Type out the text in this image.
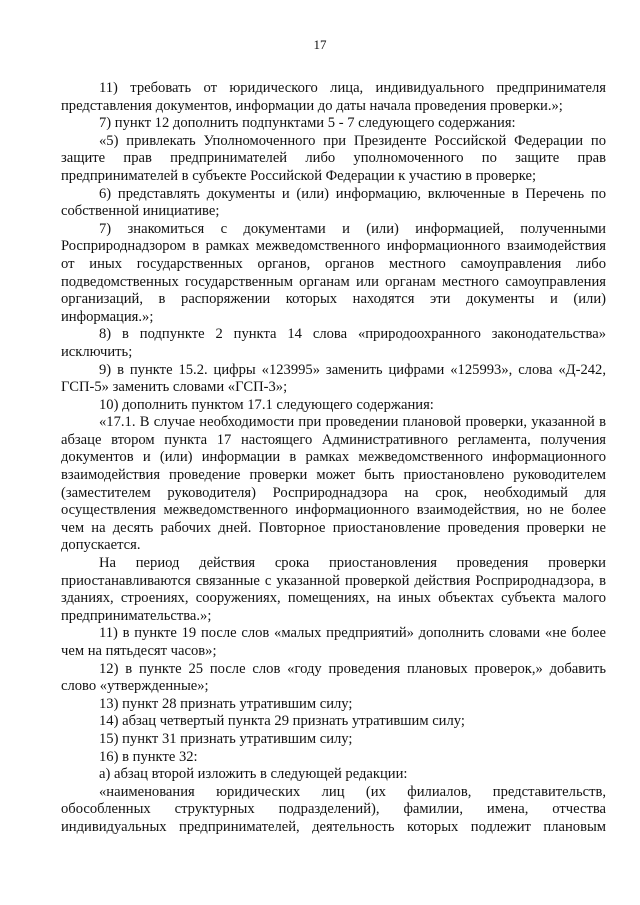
17

11) требовать от юридического лица, индивидуального предпринимателя представления документов, информации до даты начала проведения проверки.»;

7) пункт 12 дополнить подпунктами 5 - 7 следующего содержания:

«5) привлекать Уполномоченного при Президенте Российской Федерации по защите прав предпринимателей либо уполномоченного по защите прав предпринимателей в субъекте Российской Федерации к участию в проверке;

6) представлять документы и (или) информацию, включенные в Перечень по собственной инициативе;

7) знакомиться с документами и (или) информацией, полученными Росприроднадзором в рамках межведомственного информационного взаимодействия от иных государственных органов, органов местного самоуправления либо подведомственных государственным органам или органам местного самоуправления организаций, в распоряжении которых находятся эти документы и (или) информация.»;

8) в подпункте 2 пункта 14 слова «природоохранного законодательства» исключить;

9) в пункте 15.2. цифры «123995» заменить цифрами «125993», слова «Д-242, ГСП-5» заменить словами «ГСП-3»;

10) дополнить пунктом 17.1 следующего содержания:

«17.1. В случае необходимости при проведении плановой проверки, указанной в абзаце втором пункта 17 настоящего Административного регламента, получения документов и (или) информации в рамках межведомственного информационного взаимодействия проведение проверки может быть приостановлено руководителем (заместителем руководителя) Росприроднадзора на срок, необходимый для осуществления межведомственного информационного взаимодействия, но не более чем на десять рабочих дней. Повторное приостановление проведения проверки не допускается.

На период действия срока приостановления проведения проверки приостанавливаются связанные с указанной проверкой действия Росприроднадзора, в зданиях, строениях, сооружениях, помещениях, на иных объектах субъекта малого предпринимательства.»;

11) в пункте 19 после слов «малых предприятий» дополнить словами «не более чем на пятьдесят часов»;

12) в пункте 25 после слов «году проведения плановых проверок,» добавить слово «утвержденные»;

13) пункт 28 признать утратившим силу;

14) абзац четвертый пункта 29 признать утратившим силу;

15) пункт 31 признать утратившим силу;

16) в пункте 32:

а) абзац второй изложить в следующей редакции:

«наименования юридических лиц (их филиалов, представительств, обособленных структурных подразделений), фамилии, имена, отчества индивидуальных предпринимателей, деятельность которых подлежит плановым
